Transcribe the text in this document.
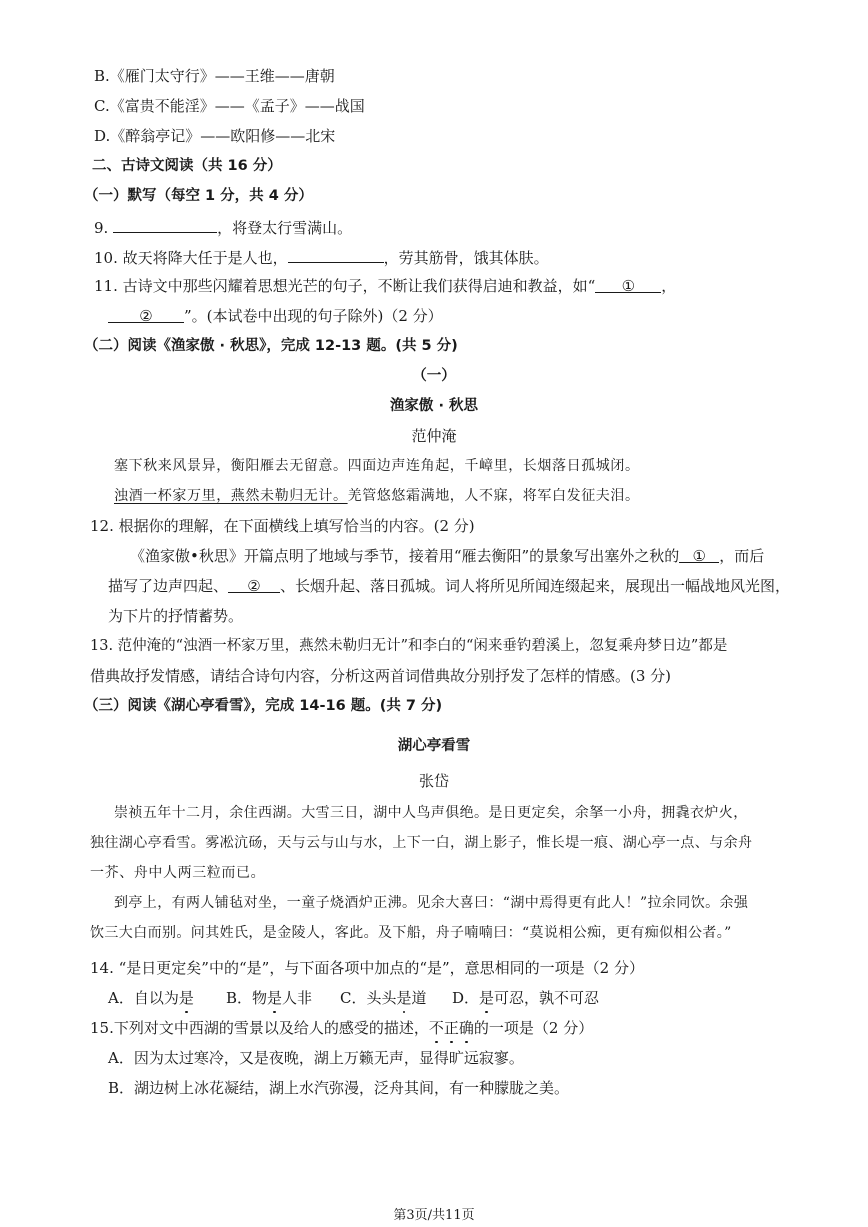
B.《雁门太守行》——王维——唐朝
C.《富贵不能淫》——《孟子》——战国
D.《醉翁亭记》——欧阳修——北宋
二、古诗文阅读（共 16 分）
（一）默写（每空 1 分，共 4 分）
9.	，将登太行雪满山。
10. 故天将降大任于是人也，	，劳其筋骨，饿其体肤。
11. 古诗文中那些闪耀着思想光芒的句子，不断让我们获得启迪和教益，如“ ① ，
② ”。(本试卷中出现的句子除外)（2 分）
（二）阅读《渔家傲 · 秋思》，完成 12-13 题。(共 5 分)
（一）
渔家傲 · 秋思
范仲淹
塞下秋来风景异，衡阳雁去无留意。四面边声连角起，千嶂里，长烟落日孤城闭。
浊酒一杯家万里，燕然未勒归无计。羌管悠悠霜满地，人不寐，将军白发征夫泪。
12. 根据你的理解，在下面横线上填写恰当的内容。(2 分)
《渔家傲•秋思》开篇点明了地域与季节，接着用“雁去衡阳”的景象写出塞外之秋的 ① ，而后
描写了边声四起、 ② 、长烟升起、落日孤城。词人将所见所闻连缀起来，展现出一幅战地风光图，
为下片的抒情蓄势。
13. 范仲淹的“浊酒一杯家万里，燕然未勒归无计”和李白的“闲来垂钓碧溪上，忽复乘舟梦日边”都是
借典故抒发情感，请结合诗句内容，分析这两首词借典故分别抒发了怎样的情感。(3 分)
（三）阅读《湖心亭看雪》，完成 14-16 题。(共 7 分)
湖心亭看雪
张岱
崇祯五年十二月，余住西湖。大雪三日，湖中人鸟声俱绝。是日更定矣，余拏一小舟，拥毳衣炉火，
独往湖心亭看雪。雾凇沆砀，天与云与山与水，上下一白，湖上影子，惟长堤一痕、湖心亭一点、与余舟
一芥、舟中人两三粒而已。
到亭上，有两人铺毡对坐，一童子烧酒炉正沸。见余大喜曰：“湖中焉得更有此人！”拉余同饮。余强
饮三大白而别。问其姓氏，是金陵人，客此。及下船，舟子喃喃曰：“莫说相公痴，更有痴似相公者。”
14. “是日更定矣”中的“是”，与下面各项中加点的“是”，意思相同的一项是（2 分）
A．自以为是 B．物是人非 C．头头是道 D．是可忍，孰不可忍
15.下列对文中西湖的雪景以及给人的感受的描述，不正确的一项是（2 分）
A．因为太过寒冷，又是夜晚，湖上万籁无声，显得旷远寂寥。
B．湖边树上冰花凝结，湖上水汽弥漫，泛舟其间，有一种朦胧之美。
第3页/共11页
